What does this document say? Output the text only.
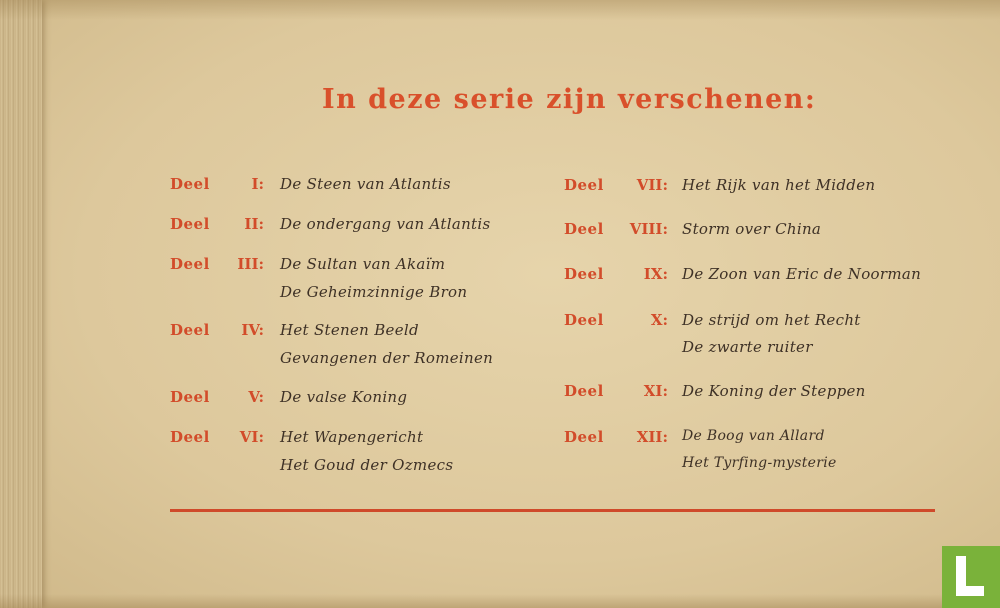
In deze serie zijn verschenen:
Deel	I: De Steen van Atlantis
Deel	II: De ondergang van Atlantis
Deel	III: De Sultan van Akaïm
De Geheimzinnige Bron
Deel	IV: Het Stenen Beeld
Gevangenen der Romeinen
Deel	V: De valse Koning
Deel	VI: Het Wapengericht
Het Goud der Ozmecs
Deel	VII: Het Rijk van het Midden
Deel	VIII: Storm over China
Deel	IX: De Zoon van Eric de Noorman
Deel	X: De strijd om het Recht
De zwarte ruiter
Deel	XI: De Koning der Steppen
Deel	XII: De Boog van Allard
Het Tyrfing-mysterie
